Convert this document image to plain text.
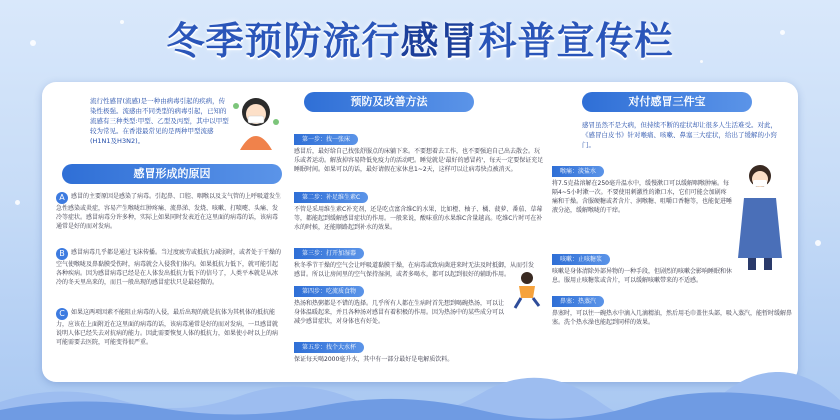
冬季预防流行感冒科普宣传栏
流行性感冒(流感)是一种由病毒引起的疾病，传染性极强。流感由不同类型的病毒引起，已知的流感有三种类型:甲型、乙型及丙型，其中以甲型较为常见。在香港最常见的是两种甲型流感(H1N1及H3N2)。
感冒形成的原因
A 感冒的主要原因是感染了病毒。引起鼻、口腔、咽喉以及支气管的上呼吸道发生急性感染或炎症，容易产生喉咙红肿疼痛、流鼻涕、发烧、咳嗽、打喷嚏、头痛、发冷等症状。感冒病毒分许多种，实际上如果同时发表近在这里面的病毒的话，该病毒通常是好的而对发病。
B 感冒病毒几乎都是通过飞沫传播。当过度疲劳或抵抗力减弱时，或者处于干燥的空气使喉咙及鼻黏膜受伤时，病毒就会入侵我们体内。如果抵抗力低下，就可能引起各种疾病。因为感冒病毒已经是在人体发出抵抗力低下的信号了，人类平本就是从冰冷的冬天里出来的，而且一般出现的感冒症状只是最轻微的。
C 如果这两项因素不能阻止病毒的入侵，最后出现的就是抗体为其机体的抵抗能力，应该在上面附近在这里面的病毒的话，该病毒通常是好的而对发病，一旦感冒就说明人体已经失去对抗病的能力。因此需要恢复人体的抵抗力，如果使小时以上的病可能需要去医院，可能变得很严重。
预防及改善方法
第一步：找一张床
感冒后，最好给自己找张舒服点的床躺下来。不要想着去工作，也不要强迫自己出去散会。玩乐或者运动。解放掉容易降低免疫力的活动吧。睡觉就是'最好的感冒药'，每天一定要保证充足睡眠时间。如果可以的话，最好请假在家休息1~2天，这样可以让病毒快点被消灭。
第二步：补足维生素C
不管是采用维生素C补充剂，还是吃点富含维C的水果，比如橙、柚子、橘、菠萝、番茄、草莓等，都能起到缓解感冒症状的作用。一般来说，酸味重的水果维C含量越高。吃维C片时可在补水的时候，还能顺路起到补水的效果。
第三步：打开加湿器
秋冬季节干燥的空气会让呼吸道黏膜干燥，在病毒或致病菌进来时无法及时抵御，从而引发感冒。所以让房间里的空气保持湿润，或者多喝水，都可以起到很好的辅助作用。
第四步：吃流质食物
热汤和热粥都是不错的选择。几乎所有人都在生病时首先想到喝碗热汤，可以让身体温暖起来，并且各种汤对感冒有着积极的作用。因为热汤中的某些成分可以减少感冒症状，对身体也有好处。
第五步：找个大水杯
保证每天喝2000毫升水，其中有一部分最好是电解质饮料。
对付感冒三件宝
感冒虽然不是大病，但持续不断的症状却让很多人生活难受。对此，《感冒白皮书》针对喉痛、咳嗽、鼻塞三大症状，给出了缓解的小窍门。
喉痛：淡盐水
将7.5克盐溶解在250毫升温水中，缓慢漱口可以缓解咽喉肿痛。每隔4~5小时漱一次。不要使用刺激性的漱口水，它们可能会加剧疼痛和干燥。含服硬糖或者含片、润喉糖、咀嚼口香糖等，也能促进唾液分泌，缓解喉咙的干痒。
咳嗽：止咳糖浆
咳嗽是身体清除外部异物的一种手段，但剧烈的咳嗽会影响睡眠和休息。服用止咳糖浆或含片，可以缓解咳嗽带来的不适感。
鼻塞：热蒸汽
鼻塞时，可以往一碗热水中滴入几滴精油，然后用毛巾盖住头部，吸入蒸汽，能暂时缓解鼻塞。洗个热水澡也能起到同样的效果。
